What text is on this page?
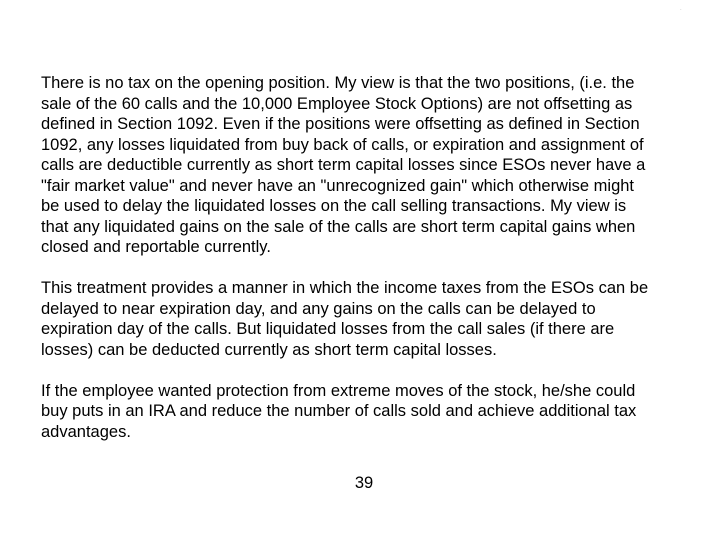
.
There is no tax on the opening position. My view is that the two positions, (i.e. the
sale of the 60 calls and the 10,000 Employee Stock Options) are not offsetting as
defined in Section 1092. Even if the positions were offsetting as defined in Section
1092, any losses liquidated from buy back of calls, or expiration and assignment of
calls are deductible currently as short term capital losses since ESOs never have a
"fair market value" and never have an "unrecognized gain" which otherwise might
be used to delay the liquidated losses on the call selling transactions. My view is
that any liquidated gains on the sale of the calls are short term capital gains when
closed and reportable currently.
This treatment provides a manner in which the income taxes from the ESOs can be
delayed to near expiration day, and any gains on the calls can be delayed to
expiration day of the calls. But liquidated losses from the call sales (if there are
losses) can be deducted currently as short term capital losses.
If the employee wanted protection from extreme moves of the stock, he/she could
buy puts in an IRA and reduce the number of calls sold and achieve additional tax
advantages.
39
